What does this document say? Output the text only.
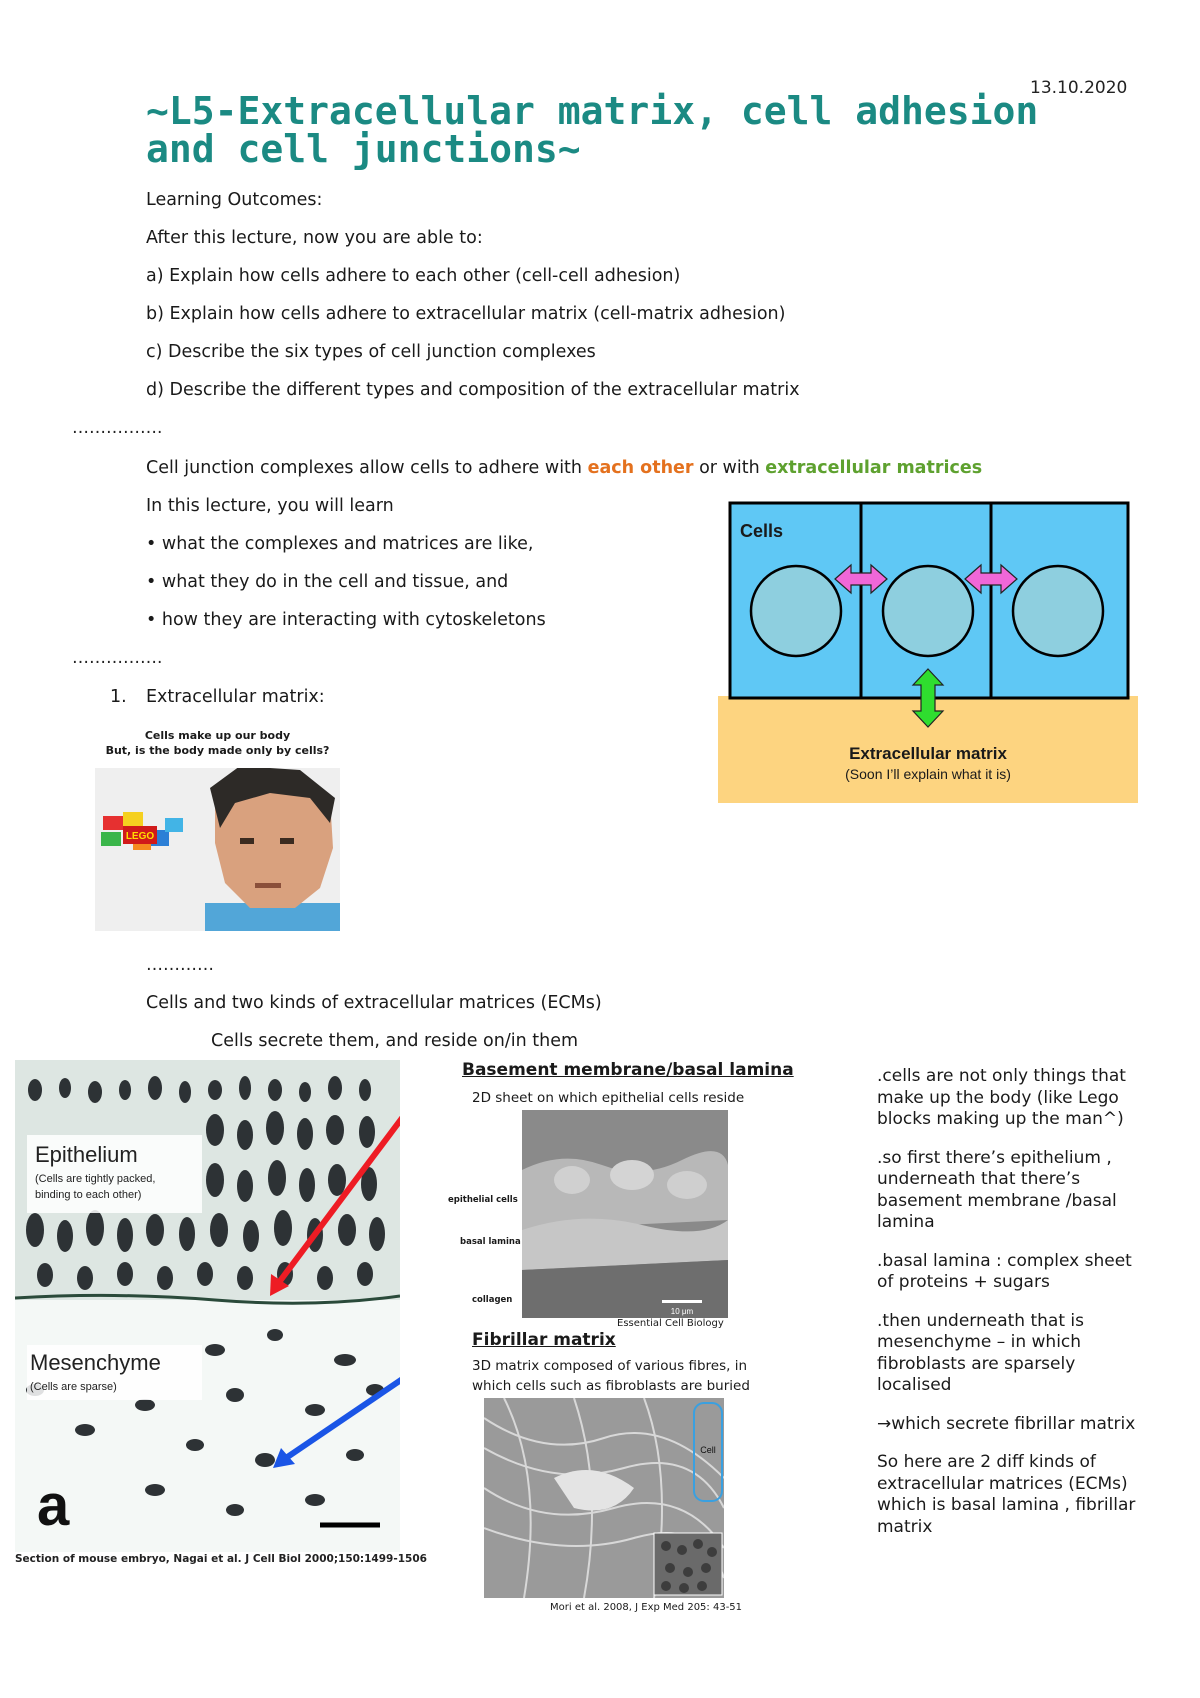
13.10.2020
~L5-Extracellular matrix, cell adhesion
and cell junctions~
Learning Outcomes:
After this lecture, now you are able to:
a) Explain how cells adhere to each other (cell-cell adhesion)
b) Explain how cells adhere to extracellular matrix (cell-matrix adhesion)
c) Describe the six types of cell junction complexes
d) Describe the different types and composition of the extracellular matrix
…………….
Cell junction complexes allow cells to adhere with each other or with extracellular matrices
In this lecture, you will learn
• what the complexes and matrices are like,
• what they do in the cell and tissue, and
• how they are interacting with cytoskeletons
…………….
1. Extracellular matrix:
Cells
Extracellular matrix
(Soon I’ll explain what it is)
Cells make up our body
But, is the body made only by cells?
LEGO
…………
Cells and two kinds of extracellular matrices (ECMs)
Cells secrete them, and reside on/in them
Epithelium
(Cells are tightly packed,
binding to each other)
Mesenchyme
(Cells are sparse)
a
Section of mouse embryo, Nagai et al. J Cell Biol 2000;150:1499-1506
Basement membrane/basal lamina
2D sheet on which epithelial cells reside
10 μm
epithelial cells
basal lamina
collagen
Essential Cell Biology
Fibrillar matrix
3D matrix composed of various fibres, in
which cells such as fibroblasts are buried
Cell
Mori et al. 2008, J Exp Med 205: 43-51

.cells are not only things that make up the body (like Lego blocks making up the man^)

.so first there’s epithelium , underneath that there’s basement membrane /basal lamina

.basal lamina : complex sheet of proteins + sugars

.then underneath that is mesenchyme – in which fibroblasts are sparsely localised

→which secrete fibrillar matrix

So here are 2 diff kinds of extracellular matrices (ECMs) which is basal lamina , fibrillar matrix
